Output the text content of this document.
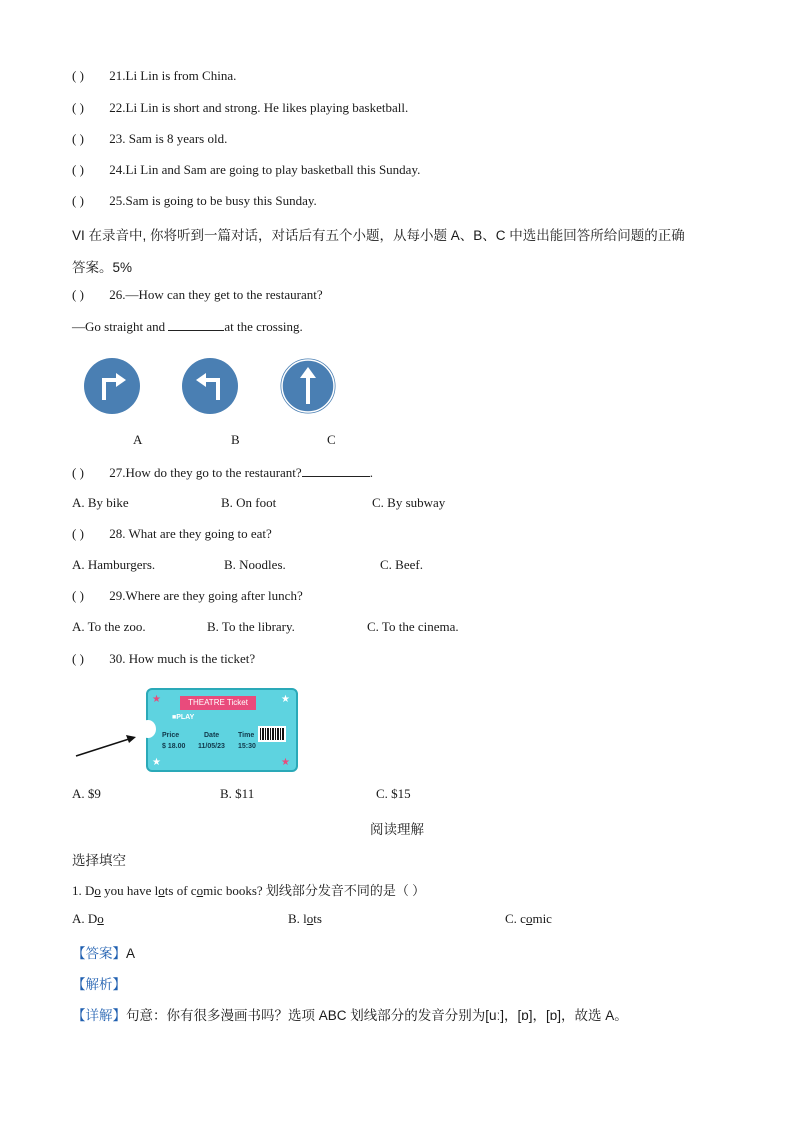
( ) 21.Li Lin is from China.
( ) 22.Li Lin is short and strong. He likes playing basketball.
( ) 23. Sam is 8 years old.
( ) 24.Li Lin and Sam are going to play basketball this Sunday.
( ) 25.Sam is going to be busy this Sunday.
VI 在录音中, 你将听到一篇对话，对话后有五个小题，从每小题 A、B、C 中选出能回答所给问题的正确
答案。5%
( ) 26.—How can they get to the restaurant?
—Go straight and	at the crossing.
A	B	C
( ) 27.How do they go to the restaurant?	.
A. By bike	B. On foot	C. By subway
( ) 28. What are they going to eat?
A. Hamburgers.	B. Noodles.	C. Beef.
( ) 29.Where are they going after lunch?
A. To the zoo.	B. To the library.	C. To the cinema.
( ) 30. How much is the ticket?
★	★
★	★
THEATRE Ticket
■PLAY
Price	Date	Time
$ 18.00 11/05/23 15:30
A. $9	B. $11	C. $15
阅读理解
选择填空
1. Do you have lots of comic books? 划线部分发音不同的是（ ）
A. Do	B. lots	C. comic
【答案】A
【解析】
【详解】句意：你有很多漫画书吗？选项 ABC 划线部分的发音分别为[uː]，[ɒ]，[ɒ]，故选 A。
